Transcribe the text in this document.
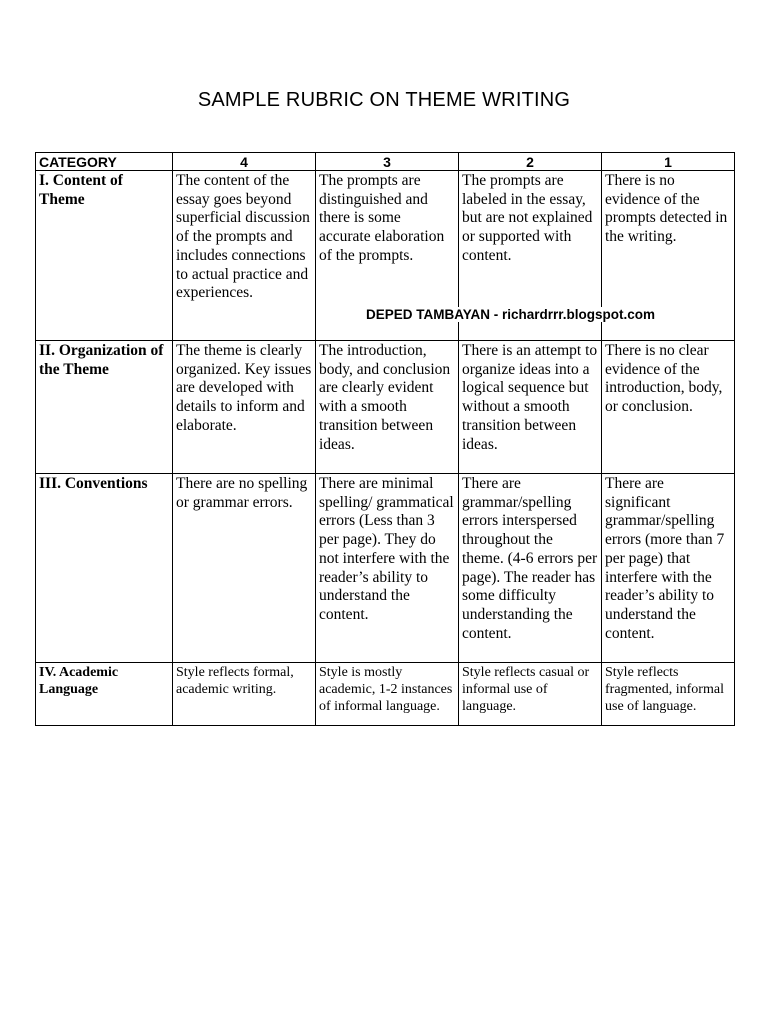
SAMPLE RUBRIC ON THEME WRITING
CATEGORY	4	3	2	1
I. Content of Theme	The content of the essay goes beyond superficial discussion of the prompts and includes connections to actual practice and experiences.	The prompts are distinguished and there is some accurate elaboration of the prompts.	The prompts are labeled in the essay, but are not explained or supported with content.	There is no evidence of the prompts detected in the writing.
II. Organization of the Theme	The theme is clearly organized. Key issues are developed with details to inform and elaborate.	The introduction, body, and conclusion are clearly evident with a smooth transition between ideas.	There is an attempt to organize ideas into a logical sequence but without a smooth transition between ideas.	There is no clear evidence of the introduction, body, or conclusion.
III. Conventions	There are no spelling or grammar errors.	There are minimal spelling/ grammatical errors (Less than 3 per page). They do not interfere with the reader’s ability to understand the content.	There are grammar/spelling errors interspersed throughout the theme. (4-6 errors per page). The reader has some difficulty understanding the content.	There are significant grammar/spelling errors (more than 7 per page) that interfere with the reader’s ability to understand the content.
IV. Academic Language	Style reflects formal, academic writing.	Style is mostly academic, 1-2 instances of informal language.	Style reflects casual or informal use of language.	Style reflects fragmented, informal use of language.
DEPED TAMBAYAN - richardrrr.blogspot.com
